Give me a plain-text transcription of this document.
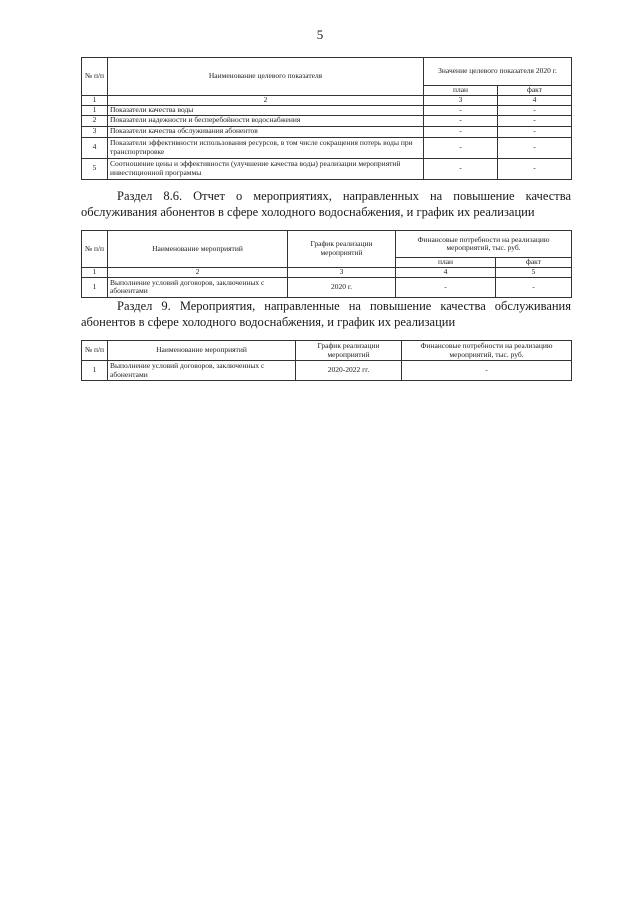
5
№ п/п	Наименование целевого показателя	Значение целевого показателя 2020 г.	
		план	факт
1	2	3	4
1	Показатели качества воды	-	-
2	Показатели надежности и бесперебойности водоснабжения	-	-
3	Показатели качества обслуживания абонентов	-	-
4	Показатели эффективности использования ресурсов, в том числе сокращения потерь воды при транспортировке	-	-
5	Соотношение цены и эффективности (улучшение качества воды) реализации мероприятий инвестиционной программы	-	-
Раздел 8.6. Отчет о мероприятиях, направленных на повышение качества обслуживания абонентов в сфере холодного водоснабжения, и график их реализации
№ п/п	Наименование мероприятий	График реализации мероприятий	Финансовые потребности на реализацию мероприятий, тыс. руб.	
			план	факт
1	2	3	4	5
1	Выполнение условий договоров, заключенных с абонентами	2020 г.	-	-
Раздел 9. Мероприятия, направленные на повышение качества обслуживания абонентов в сфере холодного водоснабжения, и график их реализации
№ п/п	Наименование мероприятий	График реализации мероприятий	Финансовые потребности на реализацию мероприятий, тыс. руб.
1	Выполнение условий договоров, заключенных с абонентами	2020-2022 гг.	-
